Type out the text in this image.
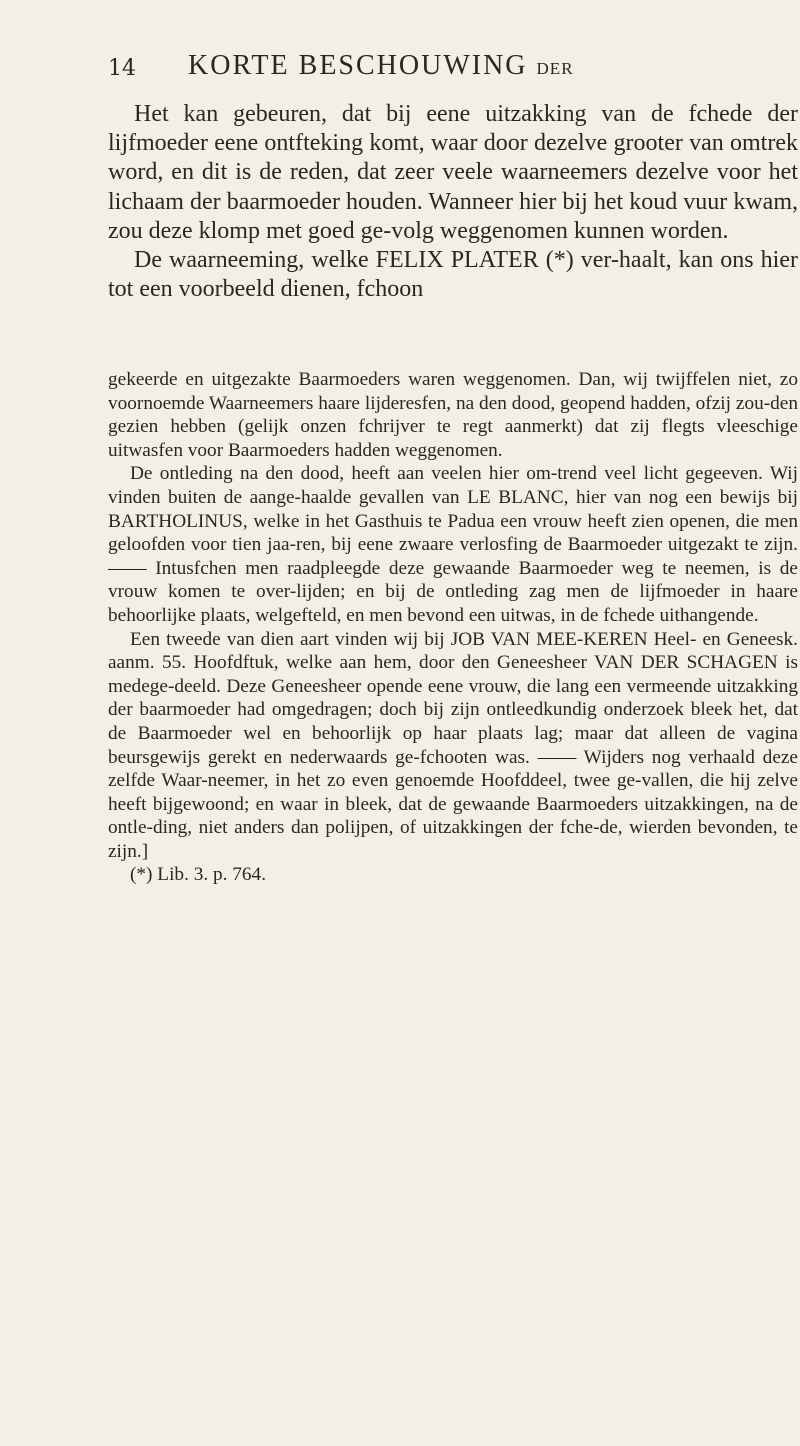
14 KORTE BESCHOUWING DER

Het kan gebeuren, dat bij eene uitzakking van de fchede der lijfmoeder eene ontfteking komt, waar door dezelve grooter van omtrek word, en dit is de reden, dat zeer veele waarneemers dezelve voor het lichaam der baarmoeder houden. Wanneer hier bij het koud vuur kwam, zou deze klomp met goed ge-volg weggenomen kunnen worden.

De waarneeming, welke FELIX PLATER (*) ver-haalt, kan ons hier tot een voorbeeld dienen, fchoon

gekeerde en uitgezakte Baarmoeders waren weggenomen. Dan, wij twijffelen niet, zo voornoemde Waarneemers haare lijderesfen, na den dood, geopend hadden, ofzij zou-den gezien hebben (gelijk onzen fchrijver te regt aanmerkt) dat zij flegts vleeschige uitwasfen voor Baarmoeders hadden weggenomen.

De ontleding na den dood, heeft aan veelen hier om-trend veel licht gegeeven. Wij vinden buiten de aange-haalde gevallen van LE BLANC, hier van nog een bewijs bij BARTHOLINUS, welke in het Gasthuis te Padua een vrouw heeft zien openen, die men geloofden voor tien jaa-ren, bij eene zwaare verlosfing de Baarmoeder uitgezakt te zijn. —— Intusfchen men raadpleegde deze gewaande Baarmoeder weg te neemen, is de vrouw komen te over-lijden; en bij de ontleding zag men de lijfmoeder in haare behoorlijke plaats, welgefteld, en men bevond een uitwas, in de fchede uithangende.

Een tweede van dien aart vinden wij bij JOB VAN MEE-KEREN Heel- en Geneesk. aanm. 55. Hoofdftuk, welke aan hem, door den Geneesheer VAN DER SCHAGEN is medege-deeld. Deze Geneesheer opende eene vrouw, die lang een vermeende uitzakking der baarmoeder had omgedragen; doch bij zijn ontleedkundig onderzoek bleek het, dat de Baarmoeder wel en behoorlijk op haar plaats lag; maar dat alleen de vagina beursgewijs gerekt en nederwaards ge-fchooten was. —— Wijders nog verhaald deze zelfde Waar-neemer, in het zo even genoemde Hoofddeel, twee ge-vallen, die hij zelve heeft bijgewoond; en waar in bleek, dat de gewaande Baarmoeders uitzakkingen, na de ontle-ding, niet anders dan polijpen, of uitzakkingen der fche-de, wierden bevonden, te zijn.]

(*) Lib. 3. p. 764.
